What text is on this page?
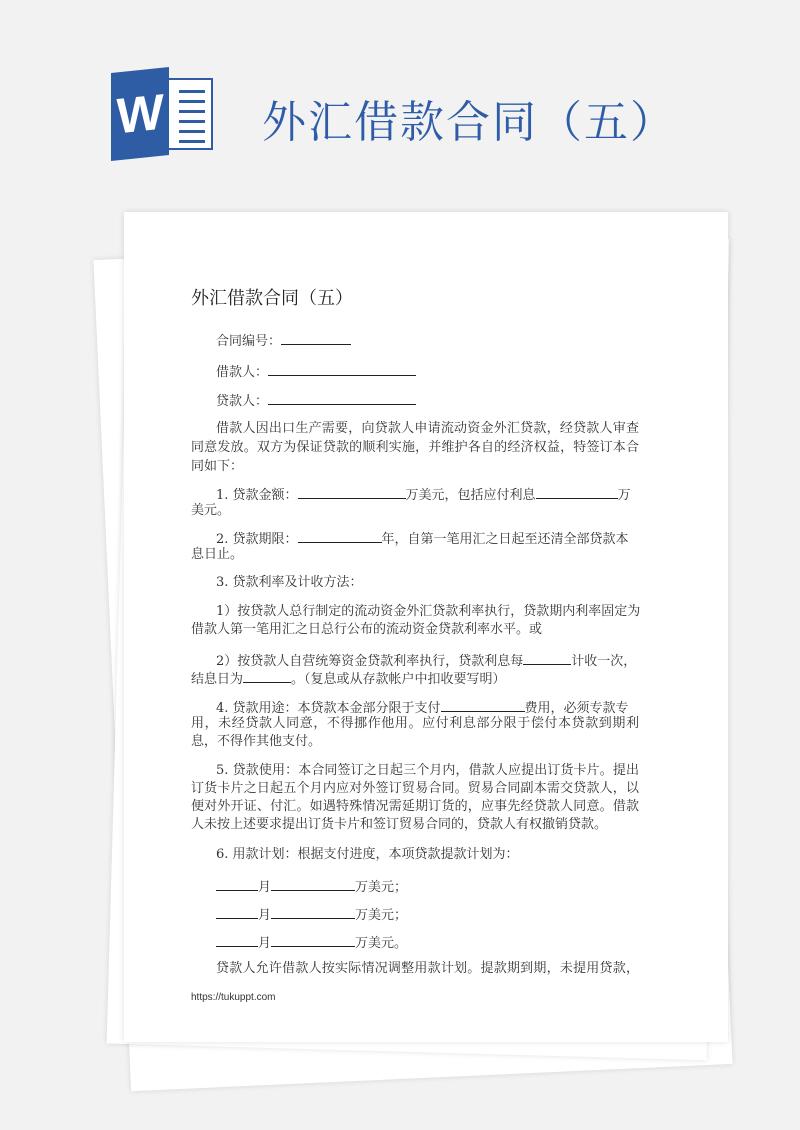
W 外汇借款合同（五）
外汇借款合同（五）
合同编号：
借款人：
贷款人：
借款人因出口生产需要，向贷款人申请流动资金外汇贷款，经贷款人审查
同意发放。双方为保证贷款的顺利实施，并维护各自的经济权益，特签订本合
同如下：
1. 贷款金额：	万美元，包括应付利息	万
美元。
2. 贷款期限：	年，自第一笔用汇之日起至还清全部贷款本
息日止。
3. 贷款利率及计收方法：
1）按贷款人总行制定的流动资金外汇贷款利率执行，贷款期内利率固定为
借款人第一笔用汇之日总行公布的流动资金贷款利率水平。或
2）按贷款人自营统筹资金贷款利率执行，贷款利息每	计收一次，
结息日为	。（复息或从存款帐户中扣收要写明）
4. 贷款用途：本贷款本金部分限于支付	费用，必须专款专
用，未经贷款人同意，不得挪作他用。应付利息部分限于偿付本贷款到期利
息，不得作其他支付。
5. 贷款使用：本合同签订之日起三个月内，借款人应提出订货卡片。提出
订货卡片之日起五个月内应对外签订贸易合同。贸易合同副本需交贷款人，以
便对外开证、付汇。如遇特殊情况需延期订货的，应事先经贷款人同意。借款
人未按上述要求提出订货卡片和签订贸易合同的，贷款人有权撤销贷款。
6. 用款计划：根据支付进度，本项贷款提款计划为：
月	万美元；
月	万美元；
月	万美元。
贷款人允许借款人按实际情况调整用款计划。提款期到期，未提用贷款，
https://tukuppt.com
